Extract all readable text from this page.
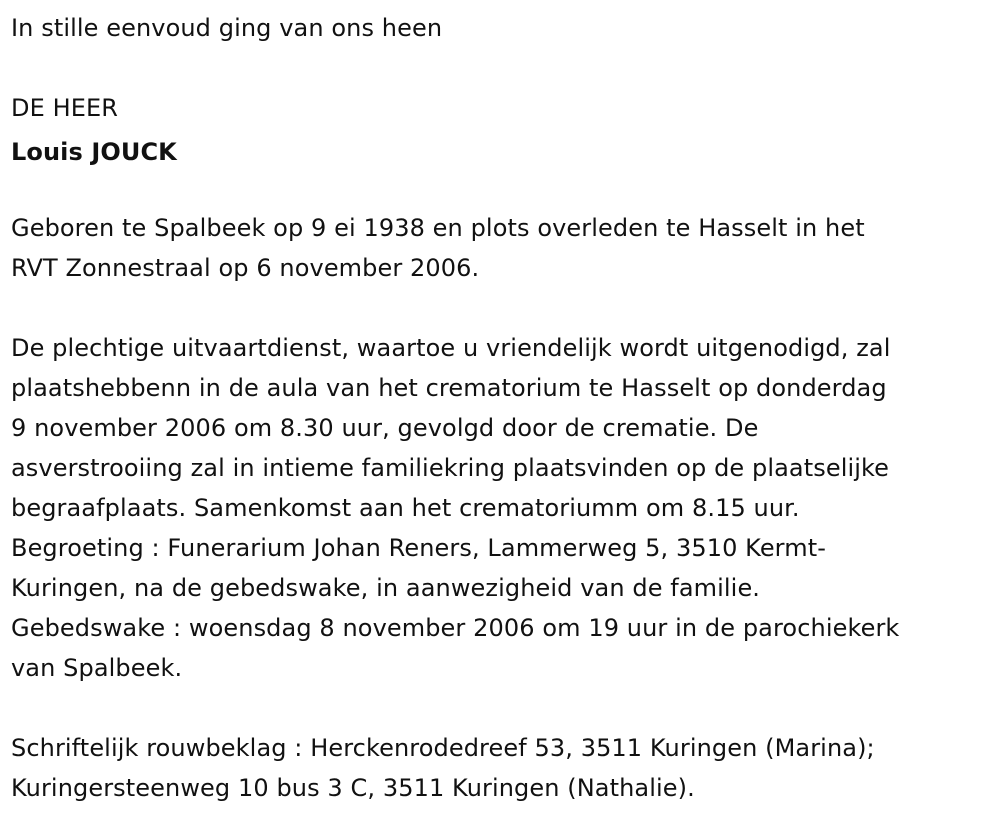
In stille eenvoud ging van ons heen
DE HEER
Louis JOUCK
Geboren te Spalbeek op 9 ei 1938 en plots overleden te Hasselt in het
RVT Zonnestraal op 6 november 2006.
De plechtige uitvaartdienst, waartoe u vriendelijk wordt uitgenodigd, zal
plaatshebbenn in de aula van het crematorium te Hasselt op donderdag
9 november 2006 om 8.30 uur, gevolgd door de crematie. De
asverstrooiing zal in intieme familiekring plaatsvinden op de plaatselijke
begraafplaats. Samenkomst aan het crematoriumm om 8.15 uur.
Begroeting : Funerarium Johan Reners, Lammerweg 5, 3510 Kermt-
Kuringen, na de gebedswake, in aanwezigheid van de familie.
Gebedswake : woensdag 8 november 2006 om 19 uur in de parochiekerk
van Spalbeek.
Schriftelijk rouwbeklag : Herckenrodedreef 53, 3511 Kuringen (Marina);
Kuringersteenweg 10 bus 3 C, 3511 Kuringen (Nathalie).
